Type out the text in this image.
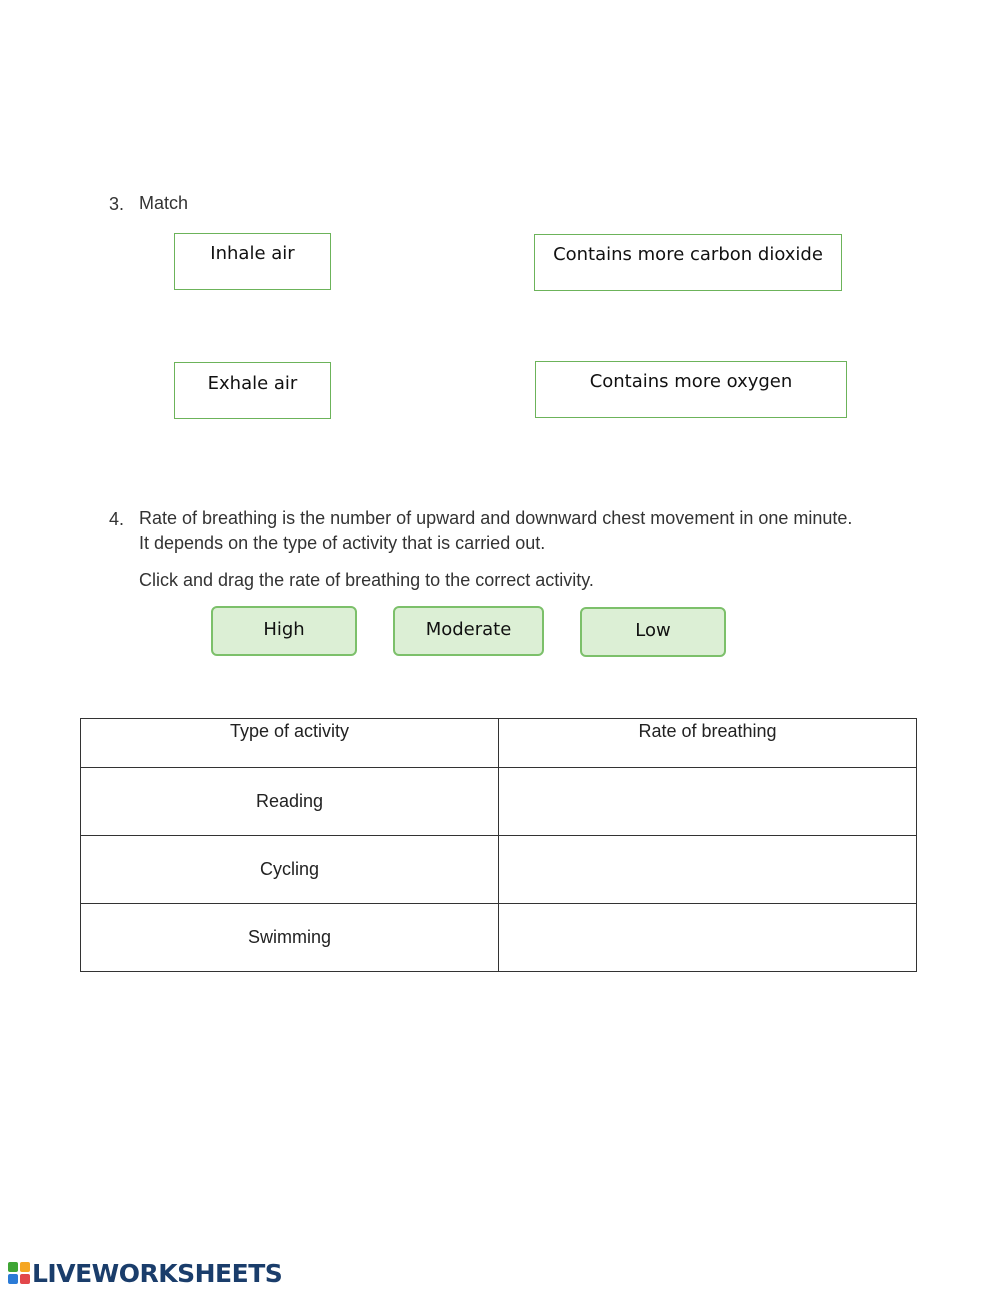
3. Match
Inhale air
Exhale air
Contains more carbon dioxide
Contains more oxygen
4. Rate of breathing is the number of upward and downward chest movement in one minute.
It depends on the type of activity that is carried out.
Click and drag the rate of breathing to the correct activity.
High	Moderate	Low
Type of activity	Rate of breathing
Reading	
Cycling	
Swimming	
LIVEWORKSHEETS
